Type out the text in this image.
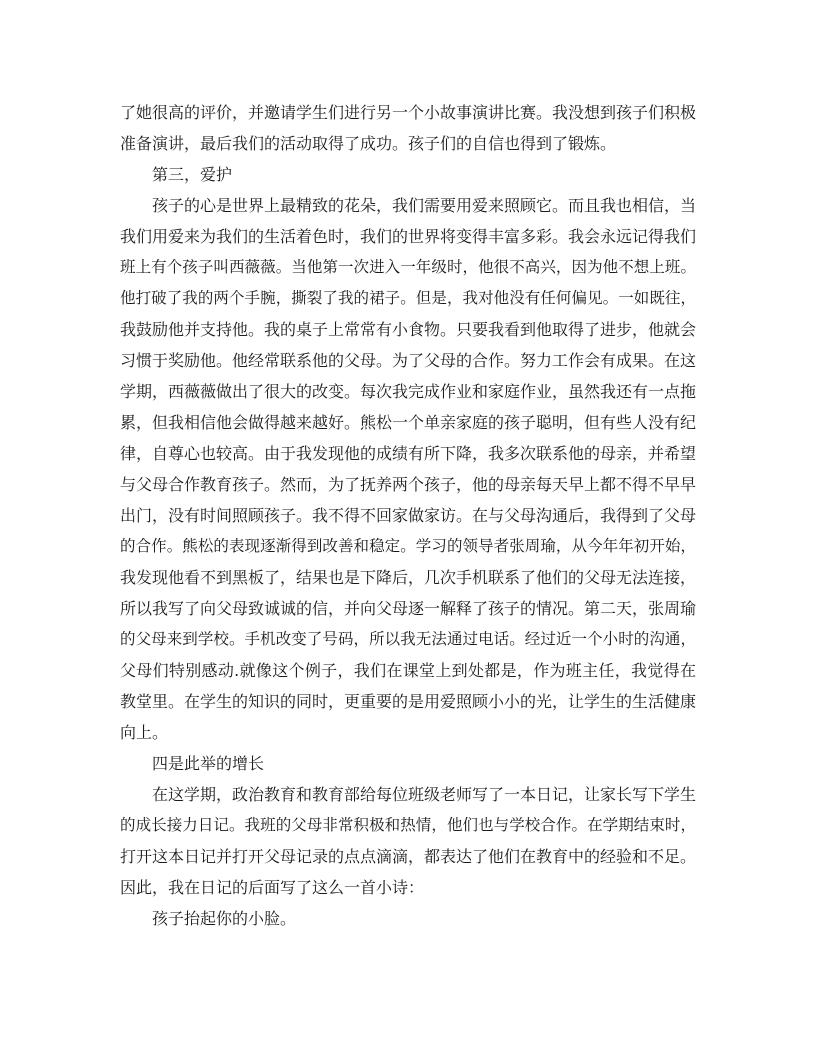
了她很高的评价，并邀请学生们进行另一个小故事演讲比赛。我没想到孩子们积极
准备演讲，最后我们的活动取得了成功。孩子们的自信也得到了锻炼。
第三，爱护
孩子的心是世界上最精致的花朵，我们需要用爱来照顾它。而且我也相信，当
我们用爱来为我们的生活着色时，我们的世界将变得丰富多彩。我会永远记得我们
班上有个孩子叫西薇薇。当他第一次进入一年级时，他很不高兴，因为他不想上班。
他打破了我的两个手腕，撕裂了我的裙子。但是，我对他没有任何偏见。一如既往，
我鼓励他并支持他。我的桌子上常常有小食物。只要我看到他取得了进步，他就会
习惯于奖励他。他经常联系他的父母。为了父母的合作。努力工作会有成果。在这
学期，西薇薇做出了很大的改变。每次我完成作业和家庭作业，虽然我还有一点拖
累，但我相信他会做得越来越好。熊松一个单亲家庭的孩子聪明，但有些人没有纪
律，自尊心也较高。由于我发现他的成绩有所下降，我多次联系他的母亲，并希望
与父母合作教育孩子。然而，为了抚养两个孩子，他的母亲每天早上都不得不早早
出门，没有时间照顾孩子。我不得不回家做家访。在与父母沟通后，我得到了父母
的合作。熊松的表现逐渐得到改善和稳定。学习的领导者张周瑜，从今年年初开始，
我发现他看不到黑板了，结果也是下降后，几次手机联系了他们的父母无法连接，
所以我写了向父母致诚诚的信，并向父母逐一解释了孩子的情况。第二天，张周瑜
的父母来到学校。手机改变了号码，所以我无法通过电话。经过近一个小时的沟通，
父母们特别感动.就像这个例子，我们在课堂上到处都是，作为班主任，我觉得在
教堂里。在学生的知识的同时，更重要的是用爱照顾小小的光，让学生的生活健康
向上。
四是此举的增长
在这学期，政治教育和教育部给每位班级老师写了一本日记，让家长写下学生
的成长接力日记。我班的父母非常积极和热情，他们也与学校合作。在学期结束时，
打开这本日记并打开父母记录的点点滴滴，都表达了他们在教育中的经验和不足。
因此，我在日记的后面写了这么一首小诗：
孩子抬起你的小脸。
